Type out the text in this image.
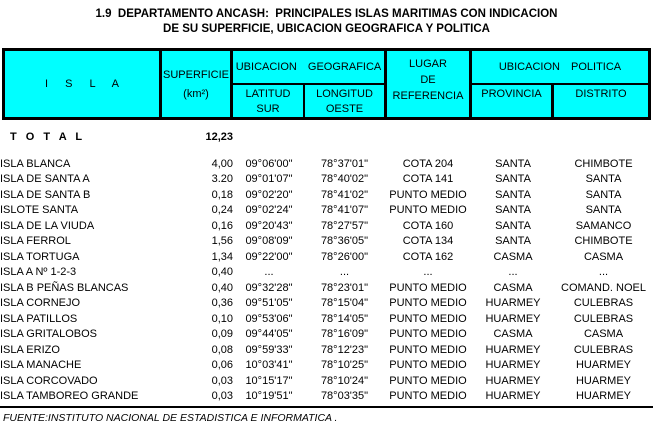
1.9  DEPARTAMENTO ANCASH:  PRINCIPALES ISLAS MARITIMAS CON INDICACION
DE SU SUPERFICIE, UBICACION GEOGRAFICA Y POLITICA
I S L A
SUPERFICIE
(km²)
UBICACION GEOGRAFICA
LATITUD
SUR
LONGITUD
OESTE
LUGAR
DE
REFERENCIA
UBICACION POLITICA
PROVINCIA	DISTRITO
T O T A L	12,23					

ISLA BLANCA	4,00	09°06'00"	78°37'01"	COTA 204	SANTA	CHIMBOTE
ISLA DE SANTA A	3.20	09°01'07"	78°40'02"	COTA 141	SANTA	SANTA
ISLA DE SANTA B	0,18	09°02'20"	78°41'02"	PUNTO MEDIO	SANTA	SANTA
ISLOTE SANTA	0,24	09°02'24"	78°41'07"	PUNTO MEDIO	SANTA	SANTA
ISLA DE LA VIUDA	0,16	09°20'43"	78°27'57"	COTA 160	SANTA	SAMANCO
ISLA FERROL	1,56	09°08'09"	78°36'05"	COTA 134	SANTA	CHIMBOTE
ISLA TORTUGA	1,34	09°22'00"	78°26'00"	COTA 162	CASMA	CASMA
ISLA A Nº 1-2-3	0,40	...	...	...	...	...
ISLA B PEÑAS BLANCAS	0,40	09°32'28"	78°23'01"	PUNTO MEDIO	CASMA	COMAND. NOEL
ISLA CORNEJO	0,36	09°51'05"	78°15'04"	PUNTO MEDIO	HUARMEY	CULEBRAS
ISLA PATILLOS	0,10	09°53'06"	78°14'05"	PUNTO MEDIO	HUARMEY	CULEBRAS
ISLA GRITALOBOS	0,09	09°44'05"	78°16'09"	PUNTO MEDIO	CASMA	CASMA
ISLA ERIZO	0,08	09°59'33"	78°12'23"	PUNTO MEDIO	HUARMEY	CULEBRAS
ISLA MANACHE	0,06	10°03'41"	78°10'25"	PUNTO MEDIO	HUARMEY	HUARMEY
ISLA CORCOVADO	0,03	10°15'17"	78°10'24"	PUNTO MEDIO	HUARMEY	HUARMEY
ISLA TAMBOREO GRANDE	0,03	10°19'51"	78°03'35"	PUNTO MEDIO	HUARMEY	HUARMEY
FUENTE:INSTITUTO NACIONAL DE ESTADISTICA E INFORMATICA .
